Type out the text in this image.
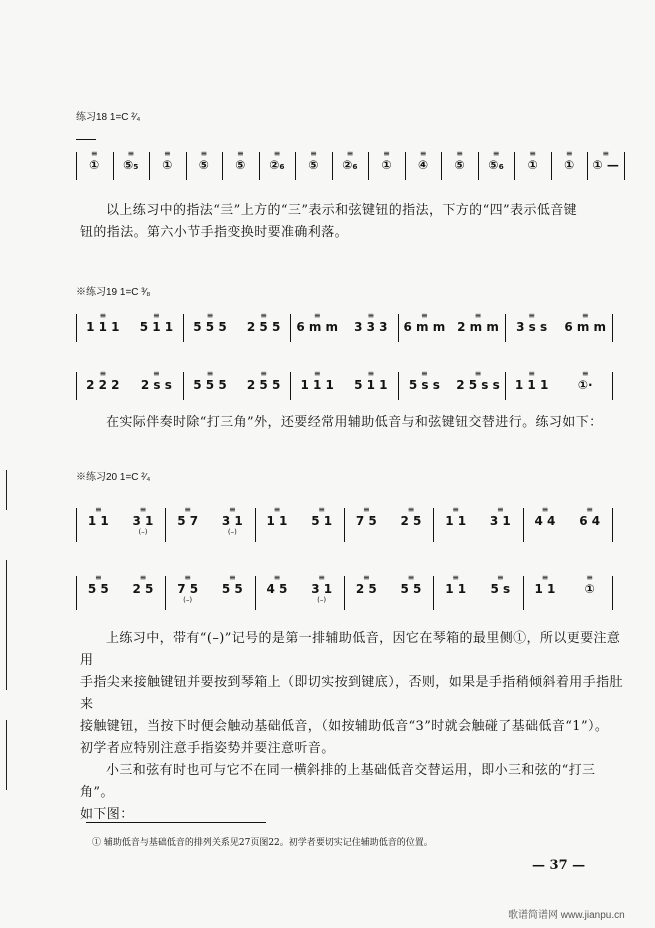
练习18 1=C ²⁄₄
≡
①
≡
⑤₅
≡
①
≡
⑤
≡
⑤
≡
②₆
≡
⑤
≡
②₆
≡
①
≡
④
≡
⑤
≡
⑤₆
≡
①
≡
①
≡
① —

以上练习中的指法“亖”上方的“三”表示和弦键钮的指法，下方的“四”表示低音键

钮的指法。第六小节手指变换时要准确利落。

※练习19 1=C ³⁄₈
≡
1 1 1
≡
5 1 1
≡
5 5 5
≡
2 5 5
≡
6 m m
≡
3 3 3
≡
6 m m
≡
2 m m
≡
3 s s
≡
6 m m
≡
2 2 2
≡
2 s s
≡
5 5 5
≡
2 5 5
≡
1 1 1
≡
5 1 1
≡
5 s s
≡
2 5 s s
≡
1 1 1
≡
①·

在实际伴奏时除“打三角”外，还要经常用辅助低音与和弦键钮交替进行。练习如下：

※练习20 1=C ²⁄₄
≡
1 1
≡
3 1
(–)
≡
5 7
≡
3 1
(–)
≡
1 1
≡
5 1
≡
7 5
≡
2 5
≡
1 1
≡
3 1
≡
4 4
≡
6 4
≡
5 5
≡
2 5
≡
7 5
(–)
≡
5 5
≡
4 5
≡
3 1
(–)
≡
2 5
≡
5 5
≡
1 1
≡
5 s
≡
1 1
≡
①

上练习中，带有“(–)”记号的是第一排辅助低音，因它在琴箱的最里侧①，所以更要注意用

手指尖来接触键钮并要按到琴箱上（即切实按到键底），否则，如果是手指稍倾斜着用手指肚来

接触键钮，当按下时便会触动基础低音，（如按辅助低音“3”时就会触碰了基础低音“1”）。

初学者应特别注意手指姿势并要注意听音。

小三和弦有时也可与它不在同一横斜排的上基础低音交替运用，即小三和弦的“打三角”。

如下图：

① 辅助低音与基础低音的排列关系见27页图22。初学者要切实记住辅助低音的位置。
— 37 —
歌谱简谱网 www.jianpu.cn
